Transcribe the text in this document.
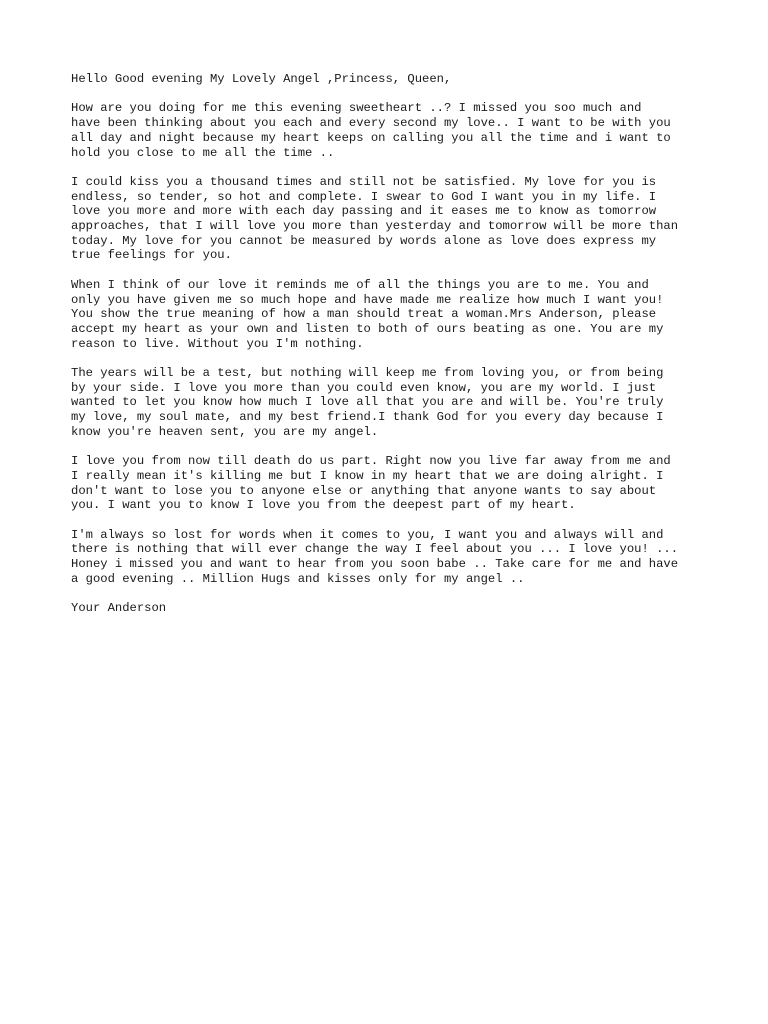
Hello Good evening My Lovely Angel ,Princess, Queen,

How are you doing for me this evening sweetheart ..? I missed you soo much and
have been thinking about you each and every second my love.. I want to be with you
all day and night because my heart keeps on calling you all the time and i want to
hold you close to me all the time ..

I could kiss you a thousand times and still not be satisfied. My love for you is
endless, so tender, so hot and complete. I swear to God I want you in my life. I
love you more and more with each day passing and it eases me to know as tomorrow
approaches, that I will love you more than yesterday and tomorrow will be more than
today. My love for you cannot be measured by words alone as love does express my
true feelings for you.

When I think of our love it reminds me of all the things you are to me. You and
only you have given me so much hope and have made me realize how much I want you!
You show the true meaning of how a man should treat a woman.Mrs Anderson, please
accept my heart as your own and listen to both of ours beating as one. You are my
reason to live. Without you I'm nothing.

The years will be a test, but nothing will keep me from loving you, or from being
by your side. I love you more than you could even know, you are my world. I just
wanted to let you know how much I love all that you are and will be. You're truly
my love, my soul mate, and my best friend.I thank God for you every day because I
know you're heaven sent, you are my angel.

I love you from now till death do us part. Right now you live far away from me and
I really mean it's killing me but I know in my heart that we are doing alright. I
don't want to lose you to anyone else or anything that anyone wants to say about
you. I want you to know I love you from the deepest part of my heart.

I'm always so lost for words when it comes to you, I want you and always will and
there is nothing that will ever change the way I feel about you ... I love you! ...
Honey i missed you and want to hear from you soon babe .. Take care for me and have
a good evening .. Million Hugs and kisses only for my angel ..

Your Anderson
